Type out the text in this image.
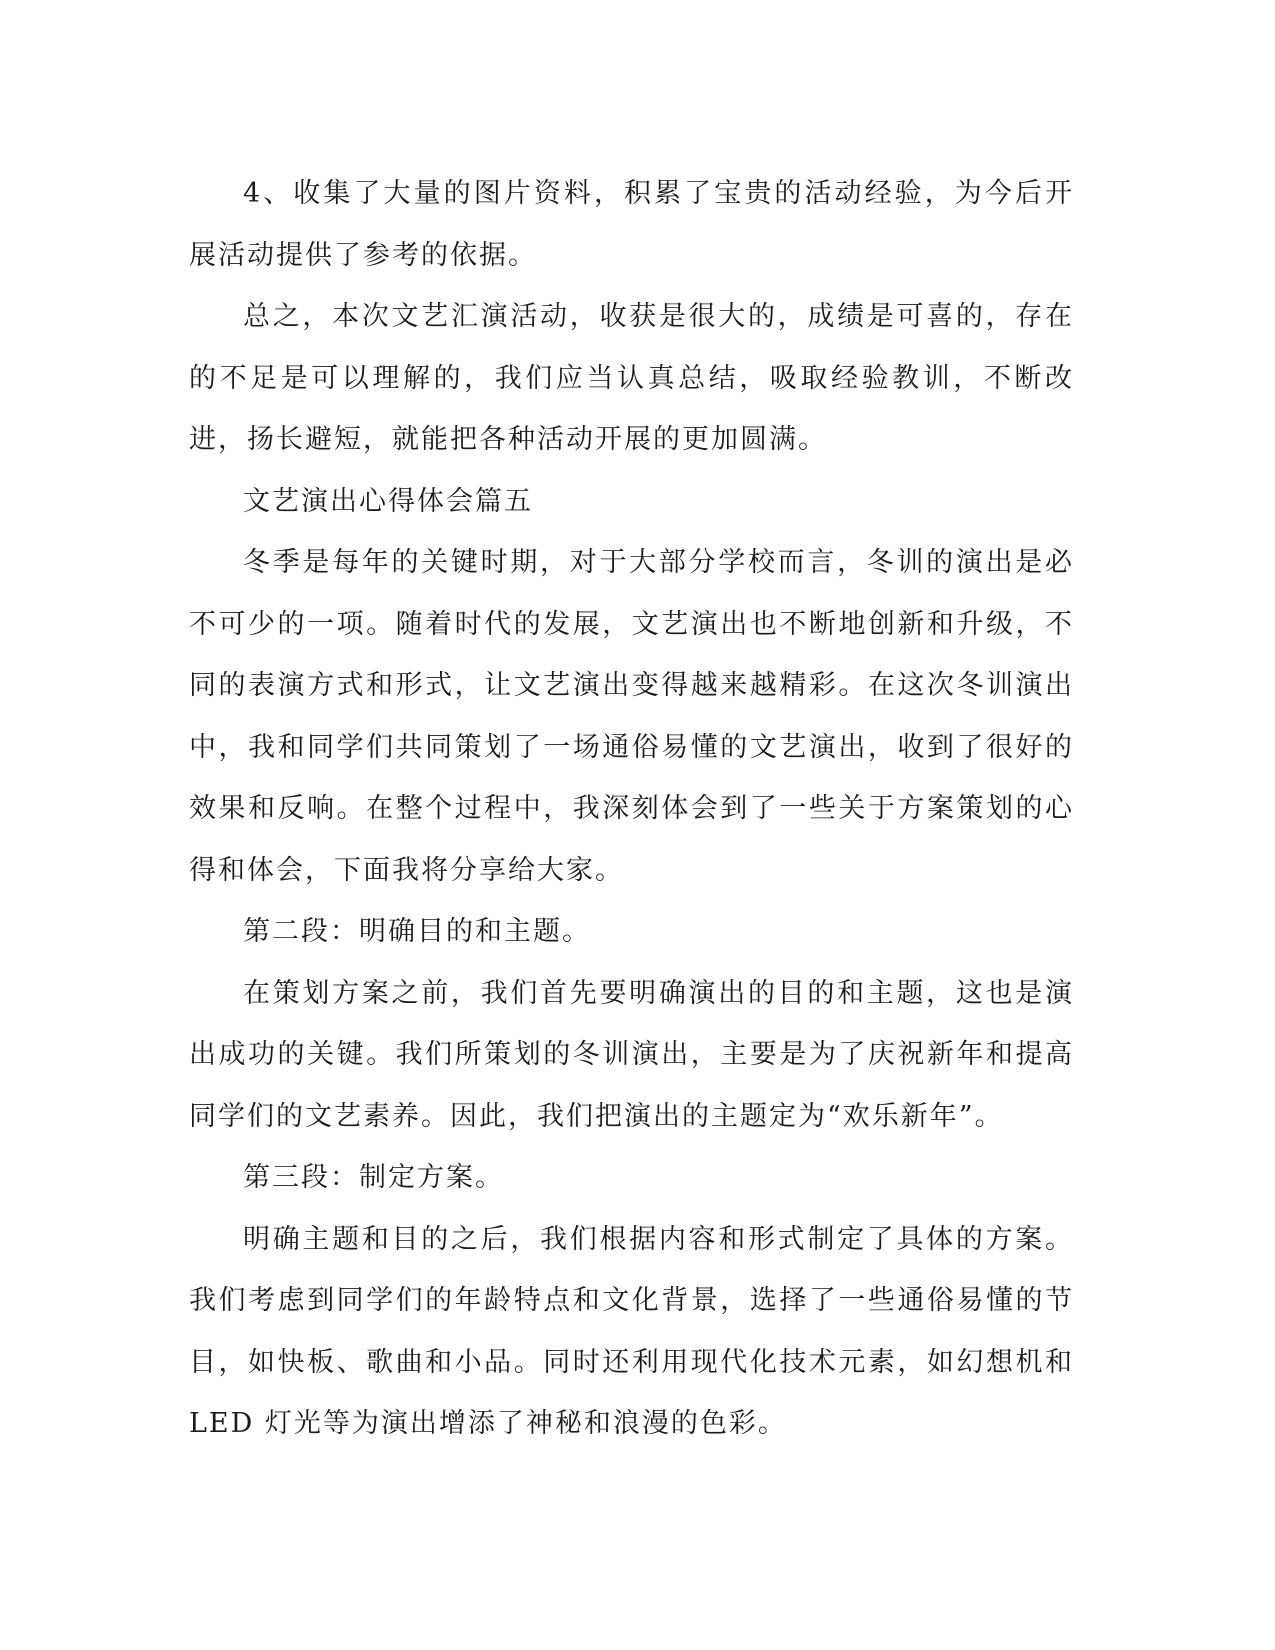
4、收集了大量的图片资料，积累了宝贵的活动经验，为今后开展活动提供了参考的依据。

总之，本次文艺汇演活动，收获是很大的，成绩是可喜的，存在的不足是可以理解的，我们应当认真总结，吸取经验教训，不断改进，扬长避短，就能把各种活动开展的更加圆满。

文艺演出心得体会篇五

冬季是每年的关键时期，对于大部分学校而言，冬训的演出是必不可少的一项。随着时代的发展，文艺演出也不断地创新和升级，不同的表演方式和形式，让文艺演出变得越来越精彩。在这次冬训演出中，我和同学们共同策划了一场通俗易懂的文艺演出，收到了很好的效果和反响。在整个过程中，我深刻体会到了一些关于方案策划的心得和体会，下面我将分享给大家。

第二段：明确目的和主题。

在策划方案之前，我们首先要明确演出的目的和主题，这也是演出成功的关键。我们所策划的冬训演出，主要是为了庆祝新年和提高同学们的文艺素养。因此，我们把演出的主题定为“欢乐新年”。

第三段：制定方案。

明确主题和目的之后，我们根据内容和形式制定了具体的方案。我们考虑到同学们的年龄特点和文化背景，选择了一些通俗易懂的节目，如快板、歌曲和小品。同时还利用现代化技术元素，如幻想机和LED 灯光等为演出增添了神秘和浪漫的色彩。
